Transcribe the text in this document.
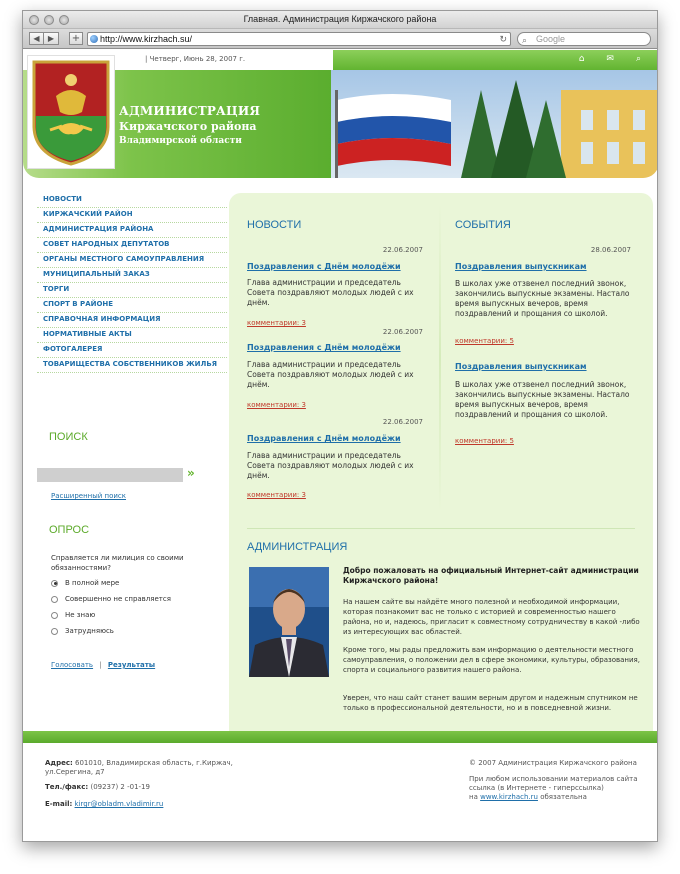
Главная. Администрация Киржачского района
◀	▶	+	http://www.kirzhach.su/	↻ ⌕ Google
| Четверг, Июнь 28, 2007 г.	⌂ ✉ ⌕
АДМИНИСТРАЦИЯ
Киржачского района
Владимирской области
НОВОСТИ
КИРЖАЧСКИЙ РАЙОН
АДМИНИСТРАЦИЯ РАЙОНА
СОВЕТ НАРОДНЫХ ДЕПУТАТОВ
ОРГАНЫ МЕСТНОГО САМОУПРАВЛЕНИЯ
МУНИЦИПАЛЬНЫЙ ЗАКАЗ
ТОРГИ
СПОРТ В РАЙОНЕ
СПРАВОЧНАЯ ИНФОРМАЦИЯ
НОРМАТИВНЫЕ АКТЫ
ФОТОГАЛЕРЕЯ
ТОВАРИЩЕСТВА СОБСТВЕННИКОВ ЖИЛЬЯ
ПОИСК
»
Расширенный поиск
ОПРОС
Справляется ли милиция со своими обязанностями?
В полной мере
Совершенно не справляется
Не знаю
Затрудняюсь
Голосовать | Результаты
НОВОСТИ
22.06.2007
Поздравления с Днём молодёжи
Глава администрации и председатель Совета поздравляют молодых людей с их днём.
комментарии: 3
22.06.2007
Поздравления с Днём молодёжи
Глава администрации и председатель Совета поздравляют молодых людей с их днём.
комментарии: 3
22.06.2007
Поздравления с Днём молодёжи
Глава администрации и председатель Совета поздравляют молодых людей с их днём.
комментарии: 3
СОБЫТИЯ
28.06.2007
Поздравления выпускникам
В школах уже отзвенел последний звонок, закончились выпускные экзамены. Настало время выпускных вечеров, время поздравлений и прощания со школой.
комментарии: 5
Поздравления выпускникам
В школах уже отзвенел последний звонок, закончились выпускные экзамены. Настало время выпускных вечеров, время поздравлений и прощания со школой.
комментарии: 5
АДМИНИСТРАЦИЯ
Добро пожаловать на официальный Интернет-сайт администрации Киржачского района!
На нашем сайте вы найдёте много полезной и необходимой информации, которая познакомит вас не только с историей и современностью нашего района, но и, надеюсь, пригласит к совместному сотрудничеству в какой -либо из интересующих вас областей.
Кроме того, мы рады предложить вам информацию о деятельности местного самоуправления, о положении дел в сфере экономики, культуры, образования, спорта и социального развития нашего района.
Уверен, что наш сайт станет вашим верным другом и надежным спутником не только в профессиональной деятельности, но и в повседневной жизни.
Адрес: 601010, Владимирская область, г.Киржач, ул.Серегина, д7
Тел./факс: (09237) 2 -01-19
E-mail: kirgr@obladm.vladimir.ru
© 2007 Администрация Киржачского района
При любом использовании материалов сайта ссылка (в Интернете - гиперссылка)
на www.kirzhach.ru обязательна
